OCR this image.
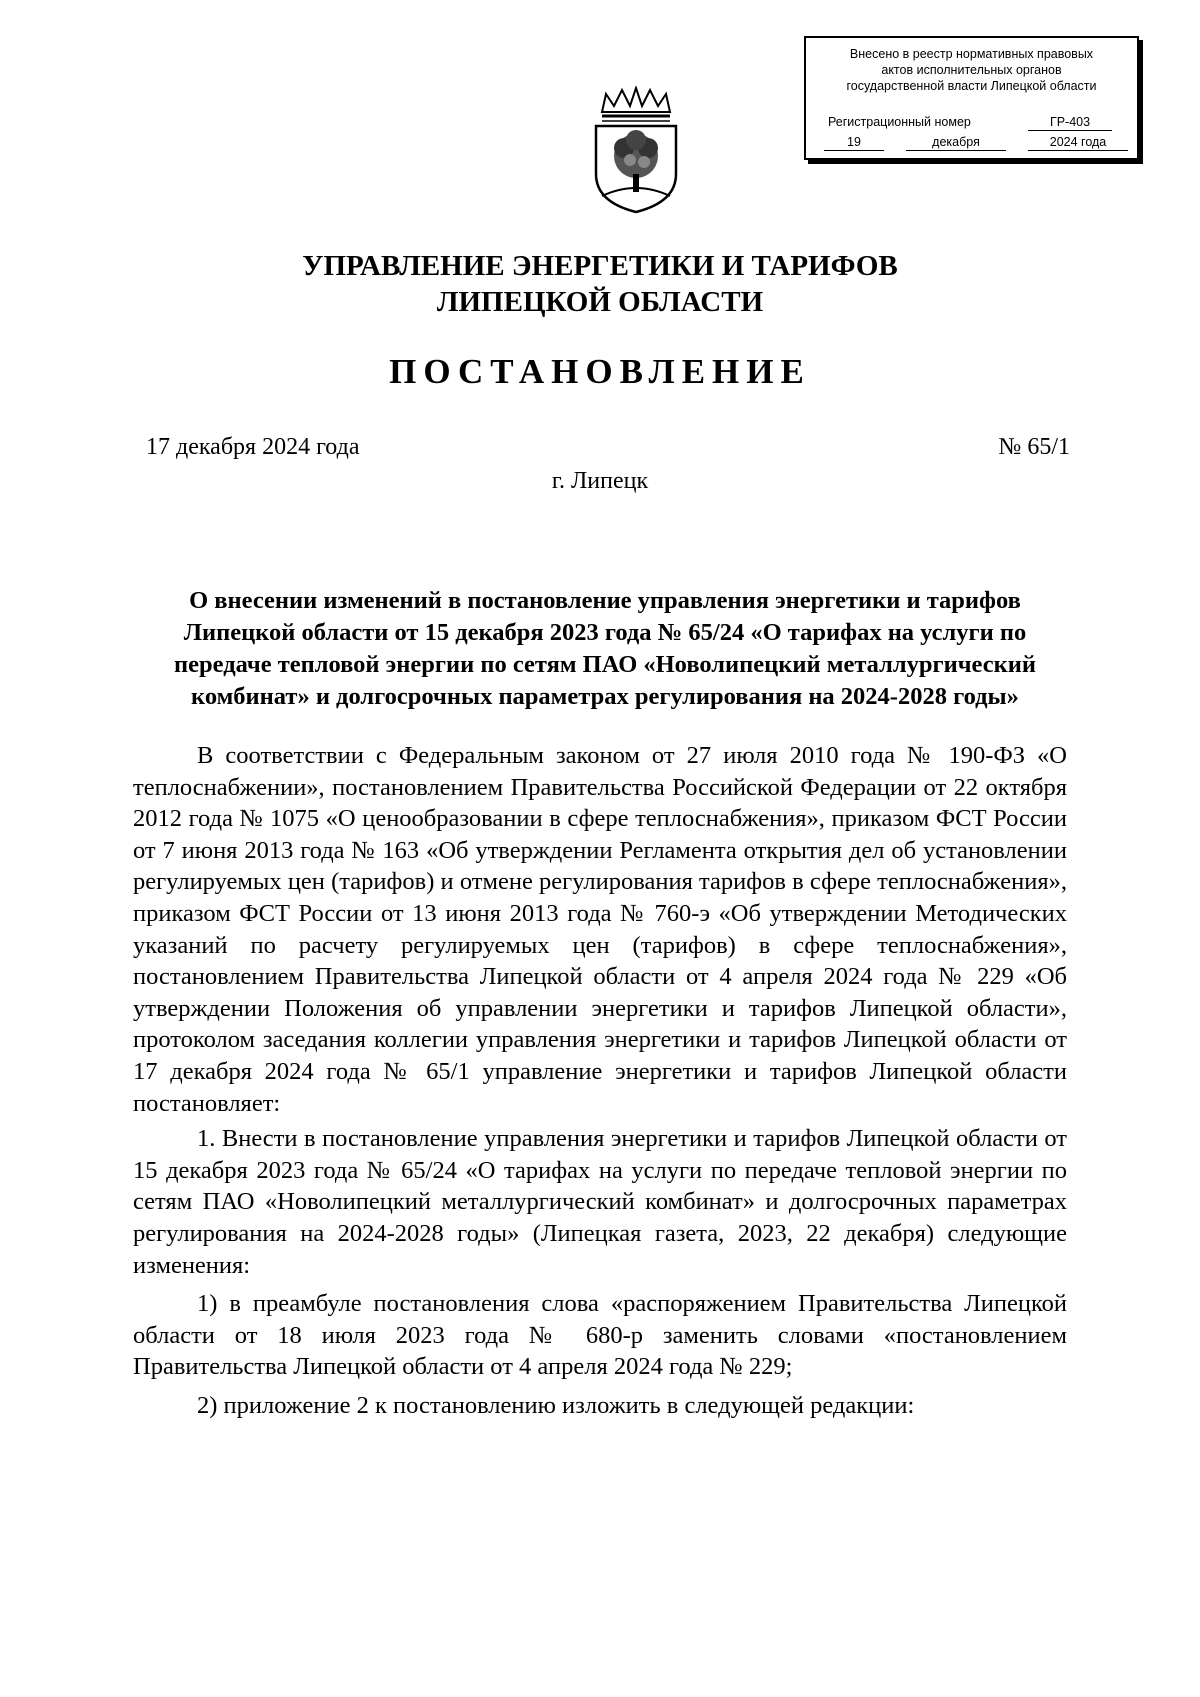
Внесено в реестр нормативных правовых
актов исполнительных органов
государственной власти Липецкой области
Регистрационный номер	ГР-403
19	декабря	2024 года
УПРАВЛЕНИЕ ЭНЕРГЕТИКИ И ТАРИФОВ
ЛИПЕЦКОЙ ОБЛАСТИ
ПОСТАНОВЛЕНИЕ
17 декабря 2024 года	№ 65/1
г. Липецк
О внесении изменений в постановление управления энергетики и тарифов Липецкой области от 15 декабря 2023 года № 65/24 «О тарифах на услуги по передаче тепловой энергии по сетям ПАО «Новолипецкий металлургический комбинат» и долгосрочных параметрах регулирования на 2024-2028 годы»

В соответствии с Федеральным законом от 27 июля 2010 года № 190-ФЗ «О теплоснабжении», постановлением Правительства Российской Федерации от 22 октября 2012 года № 1075 «О ценообразовании в сфере теплоснабжения», приказом ФСТ России от 7 июня 2013 года № 163 «Об утверждении Регламента открытия дел об установлении регулируемых цен (тарифов) и отмене регулирования тарифов в сфере теплоснабжения», приказом ФСТ России от 13 июня 2013 года № 760-э «Об утверждении Методических указаний по расчету регулируемых цен (тарифов) в сфере теплоснабжения», постановлением Правительства Липецкой области от 4 апреля 2024 года № 229 «Об утверждении Положения об управлении энергетики и тарифов Липецкой области», протоколом заседания коллегии управления энергетики и тарифов Липецкой области от 17 декабря 2024 года № 65/1 управление энергетики и тарифов Липецкой области постановляет:

1. Внести в постановление управления энергетики и тарифов Липецкой области от 15 декабря 2023 года № 65/24 «О тарифах на услуги по передаче тепловой энергии по сетям ПАО «Новолипецкий металлургический комбинат» и долгосрочных параметрах регулирования на 2024-2028 годы» (Липецкая газета, 2023, 22 декабря) следующие изменения:

1) в преамбуле постановления слова «распоряжением Правительства Липецкой области от 18 июля 2023 года № 680-р заменить словами «постановлением Правительства Липецкой области от 4 апреля 2024 года № 229;

2) приложение 2 к постановлению изложить в следующей редакции:
